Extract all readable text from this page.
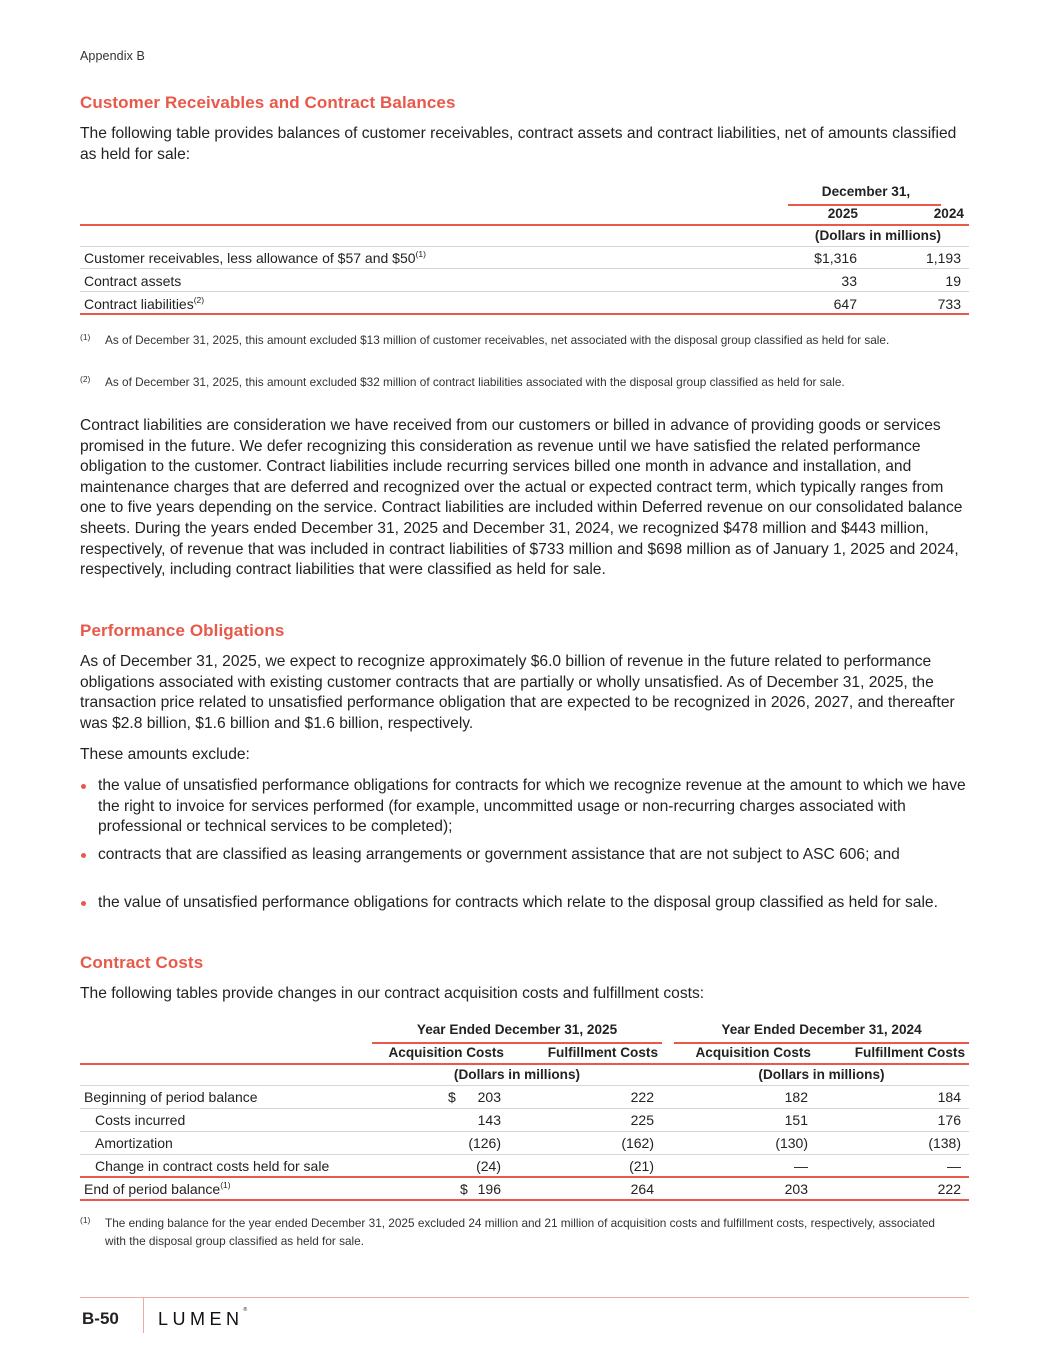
Appendix B
Customer Receivables and Contract Balances
The following table provides balances of customer receivables, contract assets and contract liabilities, net of amounts classified as held for sale:
December 31,
2025	2024
(Dollars in millions)
Customer receivables, less allowance of $57 and $50$^{(1)}$	$1,316	1,193
Contract assets	33	19
Contract liabilities$^{(2)}$	647	733
(1) As of December 31, 2025, this amount excluded $13 million of customer receivables, net associated with the disposal group classified as held for sale.
(2) As of December 31, 2025, this amount excluded $32 million of contract liabilities associated with the disposal group classified as held for sale.
Contract liabilities are consideration we have received from our customers or billed in advance of providing goods or services promised in the future. We defer recognizing this consideration as revenue until we have satisfied the related performance obligation to the customer. Contract liabilities include recurring services billed one month in advance and installation, and maintenance charges that are deferred and recognized over the actual or expected contract term, which typically ranges from one to five years depending on the service. Contract liabilities are included within Deferred revenue on our consolidated balance sheets. During the years ended December 31, 2025 and December 31, 2024, we recognized $478 million and $443 million, respectively, of revenue that was included in contract liabilities of $733 million and $698 million as of January 1, 2025 and 2024, respectively, including contract liabilities that were classified as held for sale.
Performance Obligations
As of December 31, 2025, we expect to recognize approximately $6.0 billion of revenue in the future related to performance obligations associated with existing customer contracts that are partially or wholly unsatisfied. As of December 31, 2025, the transaction price related to unsatisfied performance obligation that are expected to be recognized in 2026, 2027, and thereafter was $2.8 billion, $1.6 billion and $1.6 billion, respectively.
These amounts exclude:
the value of unsatisfied performance obligations for contracts for which we recognize revenue at the amount to which we have the right to invoice for services performed (for example, uncommitted usage or non-recurring charges associated with professional or technical services to be completed);
contracts that are classified as leasing arrangements or government assistance that are not subject to ASC 606; and
the value of unsatisfied performance obligations for contracts which relate to the disposal group classified as held for sale.
Contract Costs
The following tables provide changes in our contract acquisition costs and fulfillment costs:
Year Ended December 31, 2025	Year Ended December 31, 2024
Acquisition Costs	Fulfillment Costs	Acquisition Costs	Fulfillment Costs
(Dollars in millions)	(Dollars in millions)
Beginning of period balance	$	203	222	182	184
Costs incurred	143	225	151	176
Amortization	(126)	(162)	(130)	(138)
Change in contract costs held for sale	(24)	(21)	—	—
End of period balance$^{(1)}$	$ 196	264	203	222
(1) The ending balance for the year ended December 31, 2025 excluded 24 million and 21 million of acquisition costs and fulfillment costs, respectively, associated with the disposal group classified as held for sale.
B-50 LUMEN®
